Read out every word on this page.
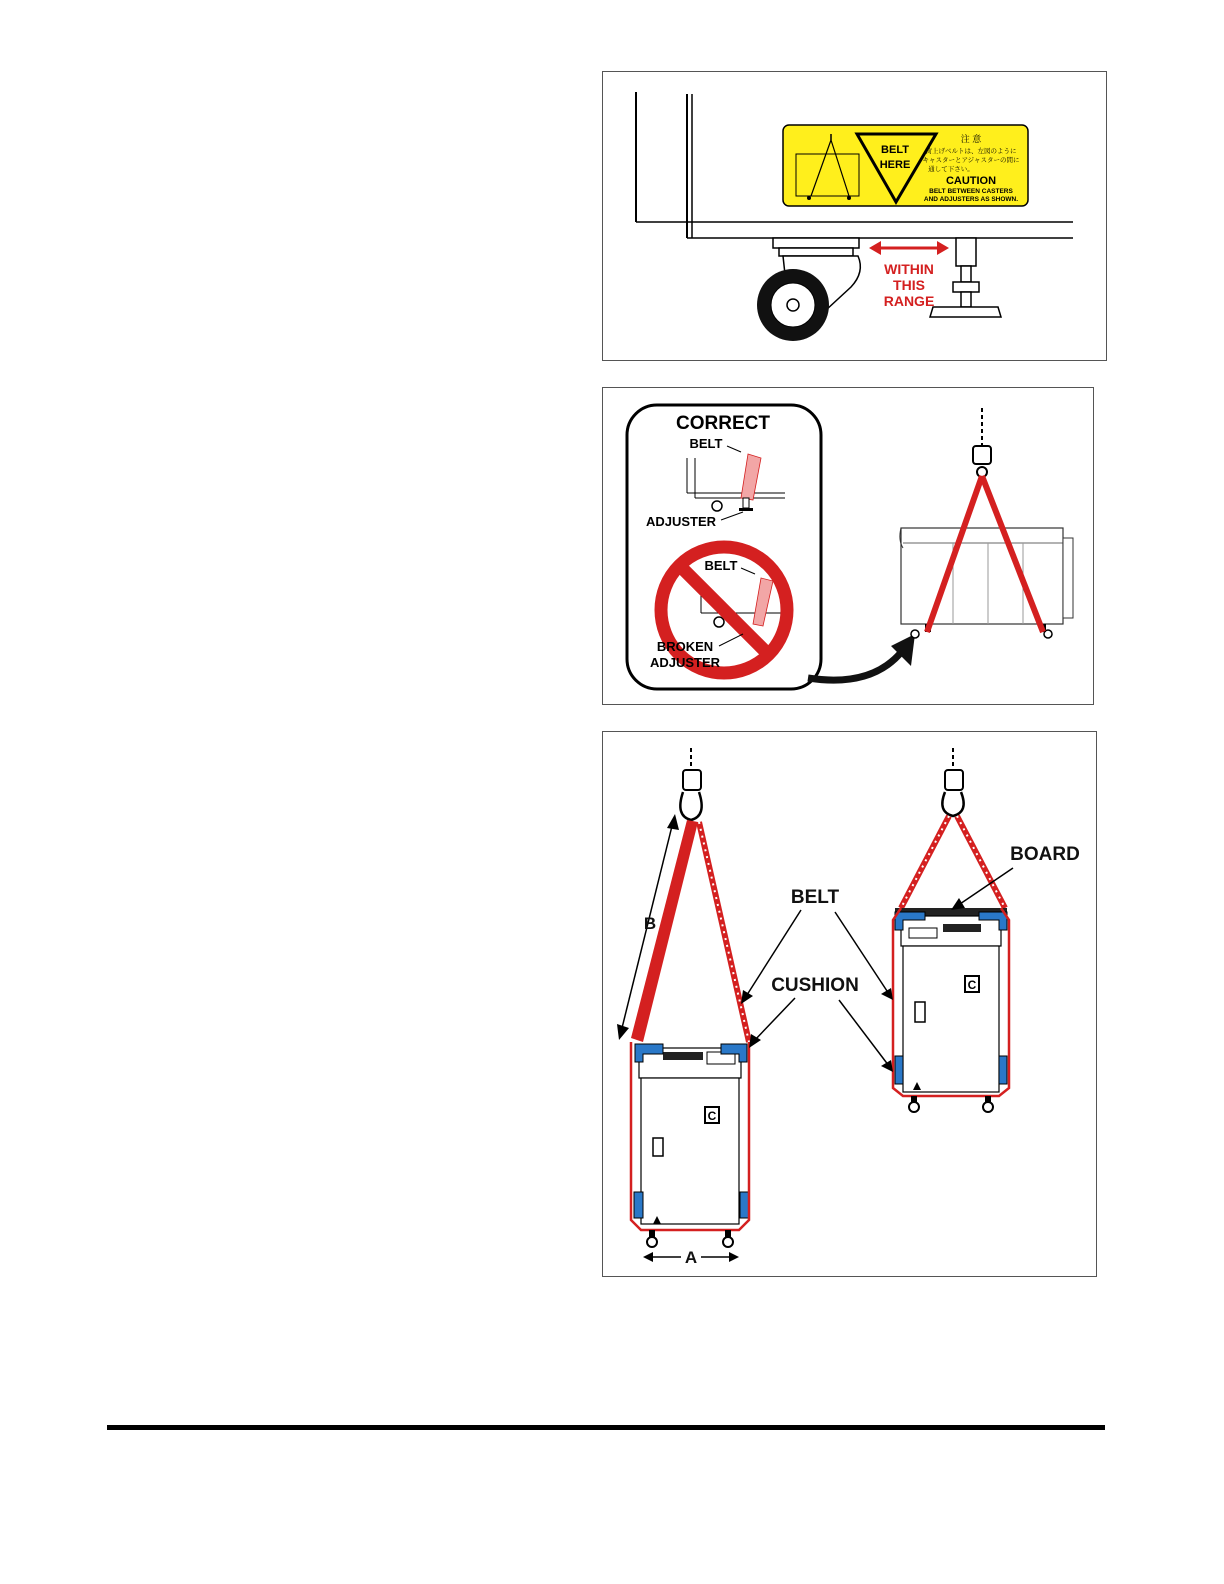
WITHIN
THIS
RANGE
BELT
HERE
注 意
荷上げベルトは、左図のように
キャスターとアジャスターの間に
通して下さい。
CAUTION
BELT BETWEEN CASTERS
AND ADJUSTERS AS SHOWN.
CORRECT
BELT
ADJUSTER
BELT
BROKEN
ADJUSTER
B
C
A
C
BELT
CUSHION
BOARD
